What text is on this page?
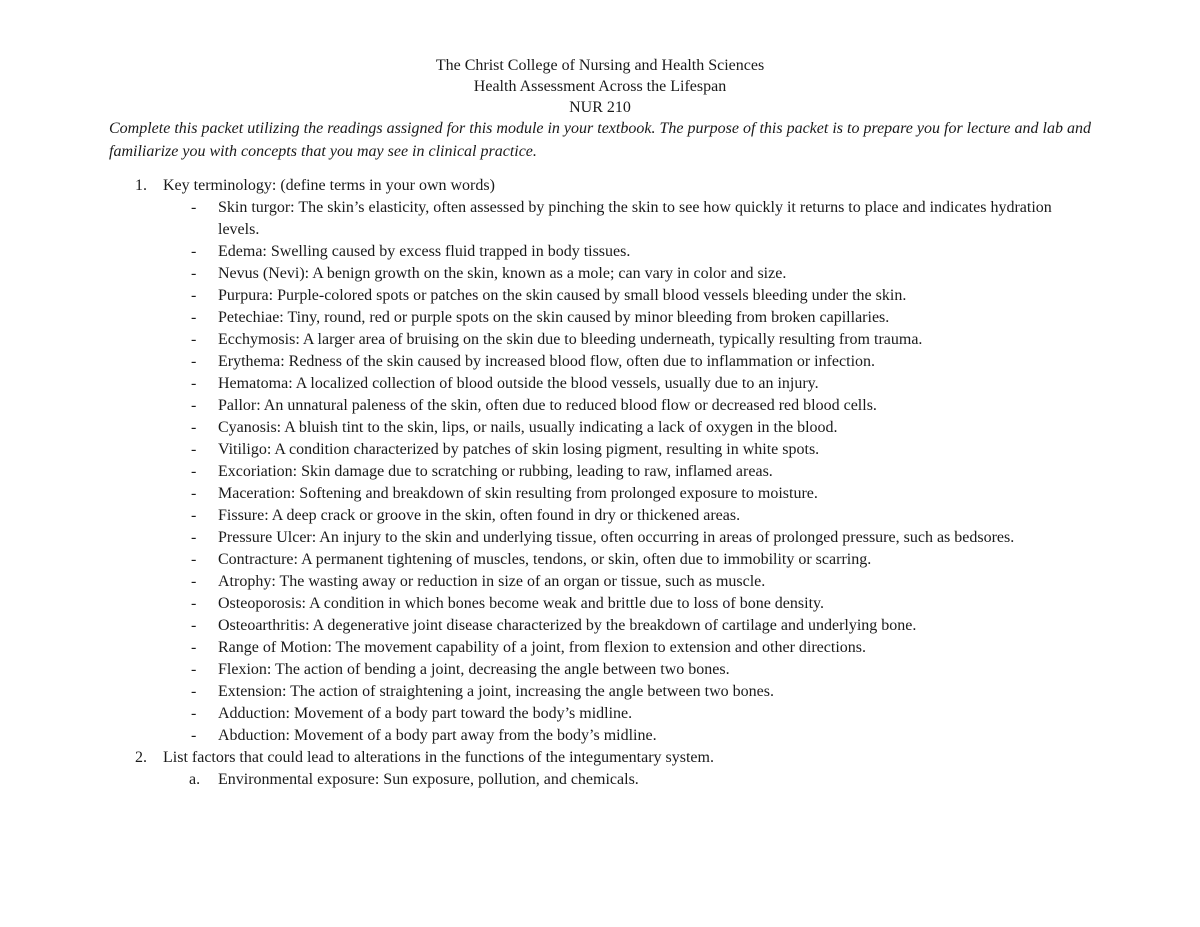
The Christ College of Nursing and Health Sciences
Health Assessment Across the Lifespan
NUR 210
Complete this packet utilizing the readings assigned for this module in your textbook. The purpose of this packet is to prepare you for lecture and lab and familiarize you with concepts that you may see in clinical practice.
1. Key terminology: (define terms in your own words)
- Skin turgor: The skin’s elasticity, often assessed by pinching the skin to see how quickly it returns to place and indicates hydration levels.
- Edema: Swelling caused by excess fluid trapped in body tissues.
- Nevus (Nevi): A benign growth on the skin, known as a mole; can vary in color and size.
- Purpura: Purple-colored spots or patches on the skin caused by small blood vessels bleeding under the skin.
- Petechiae: Tiny, round, red or purple spots on the skin caused by minor bleeding from broken capillaries.
- Ecchymosis: A larger area of bruising on the skin due to bleeding underneath, typically resulting from trauma.
- Erythema: Redness of the skin caused by increased blood flow, often due to inflammation or infection.
- Hematoma: A localized collection of blood outside the blood vessels, usually due to an injury.
- Pallor: An unnatural paleness of the skin, often due to reduced blood flow or decreased red blood cells.
- Cyanosis: A bluish tint to the skin, lips, or nails, usually indicating a lack of oxygen in the blood.
- Vitiligo: A condition characterized by patches of skin losing pigment, resulting in white spots.
- Excoriation: Skin damage due to scratching or rubbing, leading to raw, inflamed areas.
- Maceration: Softening and breakdown of skin resulting from prolonged exposure to moisture.
- Fissure: A deep crack or groove in the skin, often found in dry or thickened areas.
- Pressure Ulcer: An injury to the skin and underlying tissue, often occurring in areas of prolonged pressure, such as bedsores.
- Contracture: A permanent tightening of muscles, tendons, or skin, often due to immobility or scarring.
- Atrophy: The wasting away or reduction in size of an organ or tissue, such as muscle.
- Osteoporosis: A condition in which bones become weak and brittle due to loss of bone density.
- Osteoarthritis: A degenerative joint disease characterized by the breakdown of cartilage and underlying bone.
- Range of Motion: The movement capability of a joint, from flexion to extension and other directions.
- Flexion: The action of bending a joint, decreasing the angle between two bones.
- Extension: The action of straightening a joint, increasing the angle between two bones.
- Adduction: Movement of a body part toward the body’s midline.
- Abduction: Movement of a body part away from the body’s midline.
2. List factors that could lead to alterations in the functions of the integumentary system.
a. Environmental exposure: Sun exposure, pollution, and chemicals.
